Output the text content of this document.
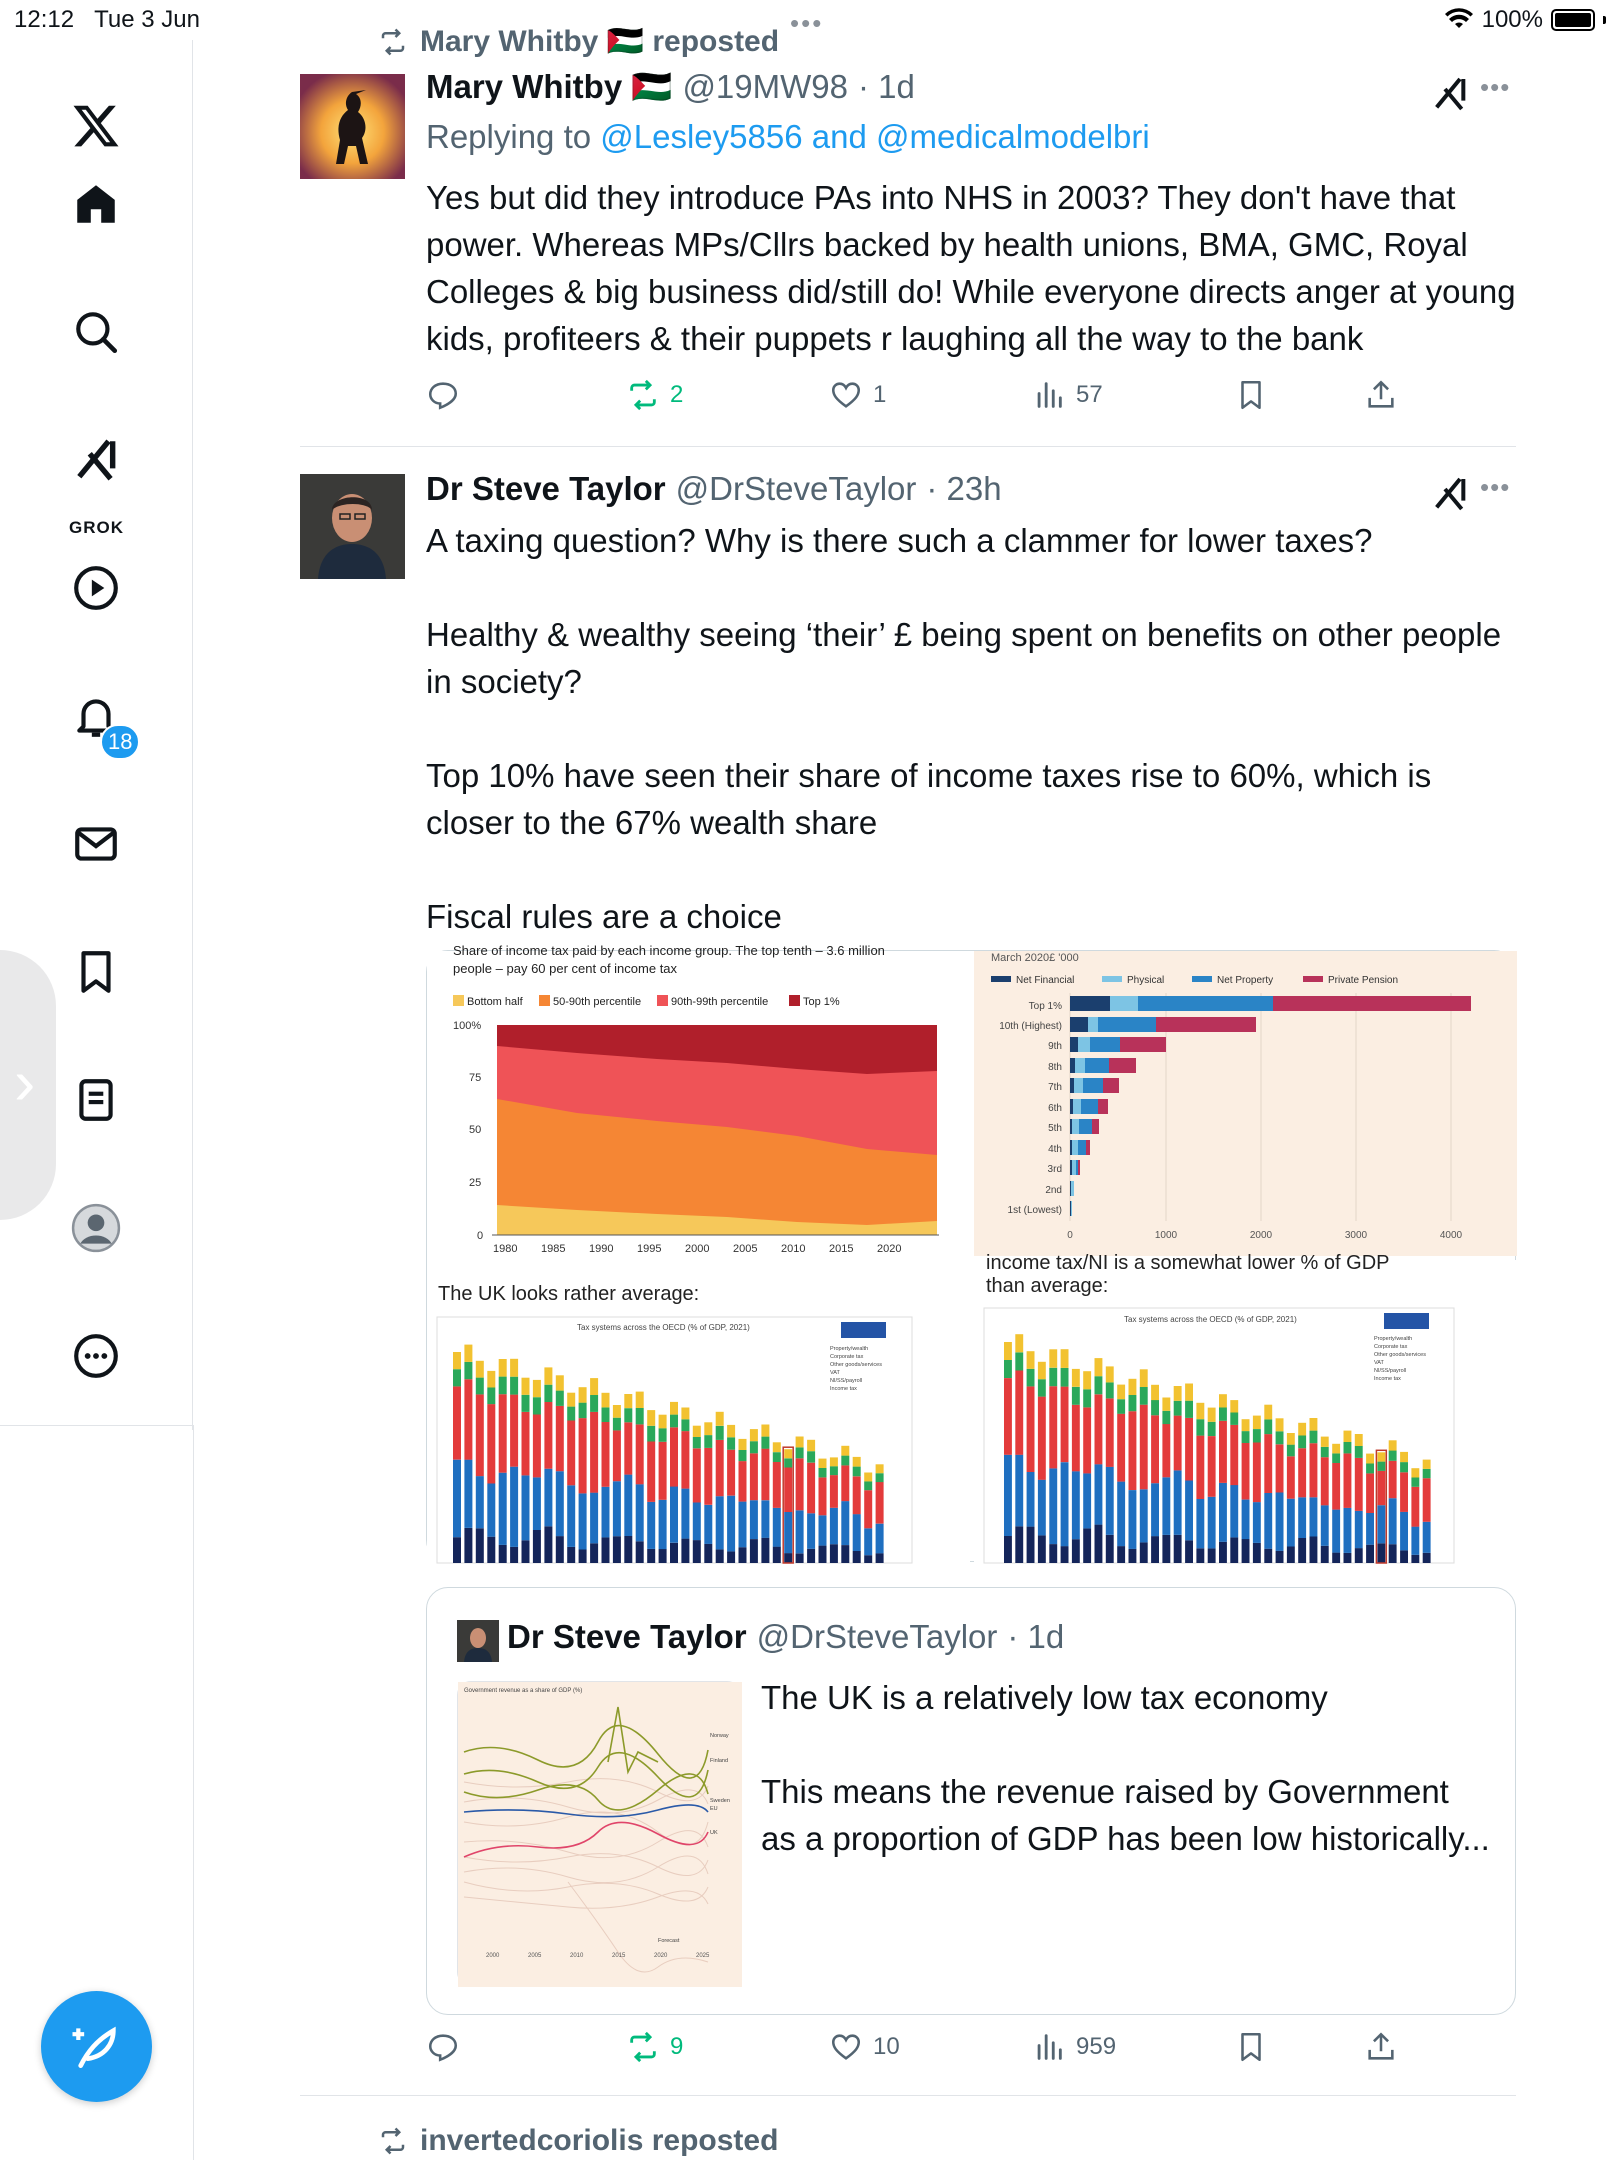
12:12 Tue 3 Jun	100%
•••
GROK
18
›
Mary Whitby 🇵🇸 reposted
Mary Whitby 🇵🇸 @19MW98 · 1d	•••
Replying to @Lesley5856 and @medicalmodelbri
Yes but did they introduce PAs into NHS in 2003? They don't have that power. Whereas MPs/Cllrs backed by health unions, BMA, GMC, Royal Colleges & big business did/still do! While everyone directs anger at young kids, profiteers & their puppets r laughing all the way to the bank
2	1	57
Dr Steve Taylor @DrSteveTaylor · 23h	•••
A taxing question? Why is there such a clammer for lower taxes?

Healthy & wealthy seeing ‘their’ £ being spent on benefits on other people in society?

Top 10% have seen their share of income taxes rise to 60%, which is closer to the 67% wealth share

Fiscal rules are a choice
Share of income tax paid by each income group. The top tenth – 3.6 million
people – pay 60 per cent of income tax
Bottom half	50-90th percentile	90th-99th percentile	Top 1%
100%
75
50
25
0
1980 1985 1990 1995 2000 2005 2010 2015 2020
March 2020£ '000
Net Financial	Physical	Net Property	Private Pension
Top 1%
10th (Highest)
9th
8th
7th
6th
5th
4th
3rd
2nd
1st (Lowest)
0	1000	2000	3000	4000
The UK looks rather average:
Tax systems across the OECD (% of GDP, 2021)
Property/wealth
Corporate tax
Other goods/services
VAT
NI/SS/payroll
Income tax
income tax/NI is a somewhat lower % of GDP
than average:
Tax systems across the OECD (% of GDP, 2021)
Property/wealth
Corporate tax
Other goods/services
VAT
NI/SS/payroll
Income tax
Dr Steve Taylor @DrSteveTaylor · 1d
Government revenue as a share of GDP (%)
Norway
Finland
Sweden
EU
UK
Forecast
2000	2005	2010	2015	2020	2025
The UK is a relatively low tax economy

This means the revenue raised by Government as a proportion of GDP has been low historically...
9	10	959
invertedcoriolis reposted
